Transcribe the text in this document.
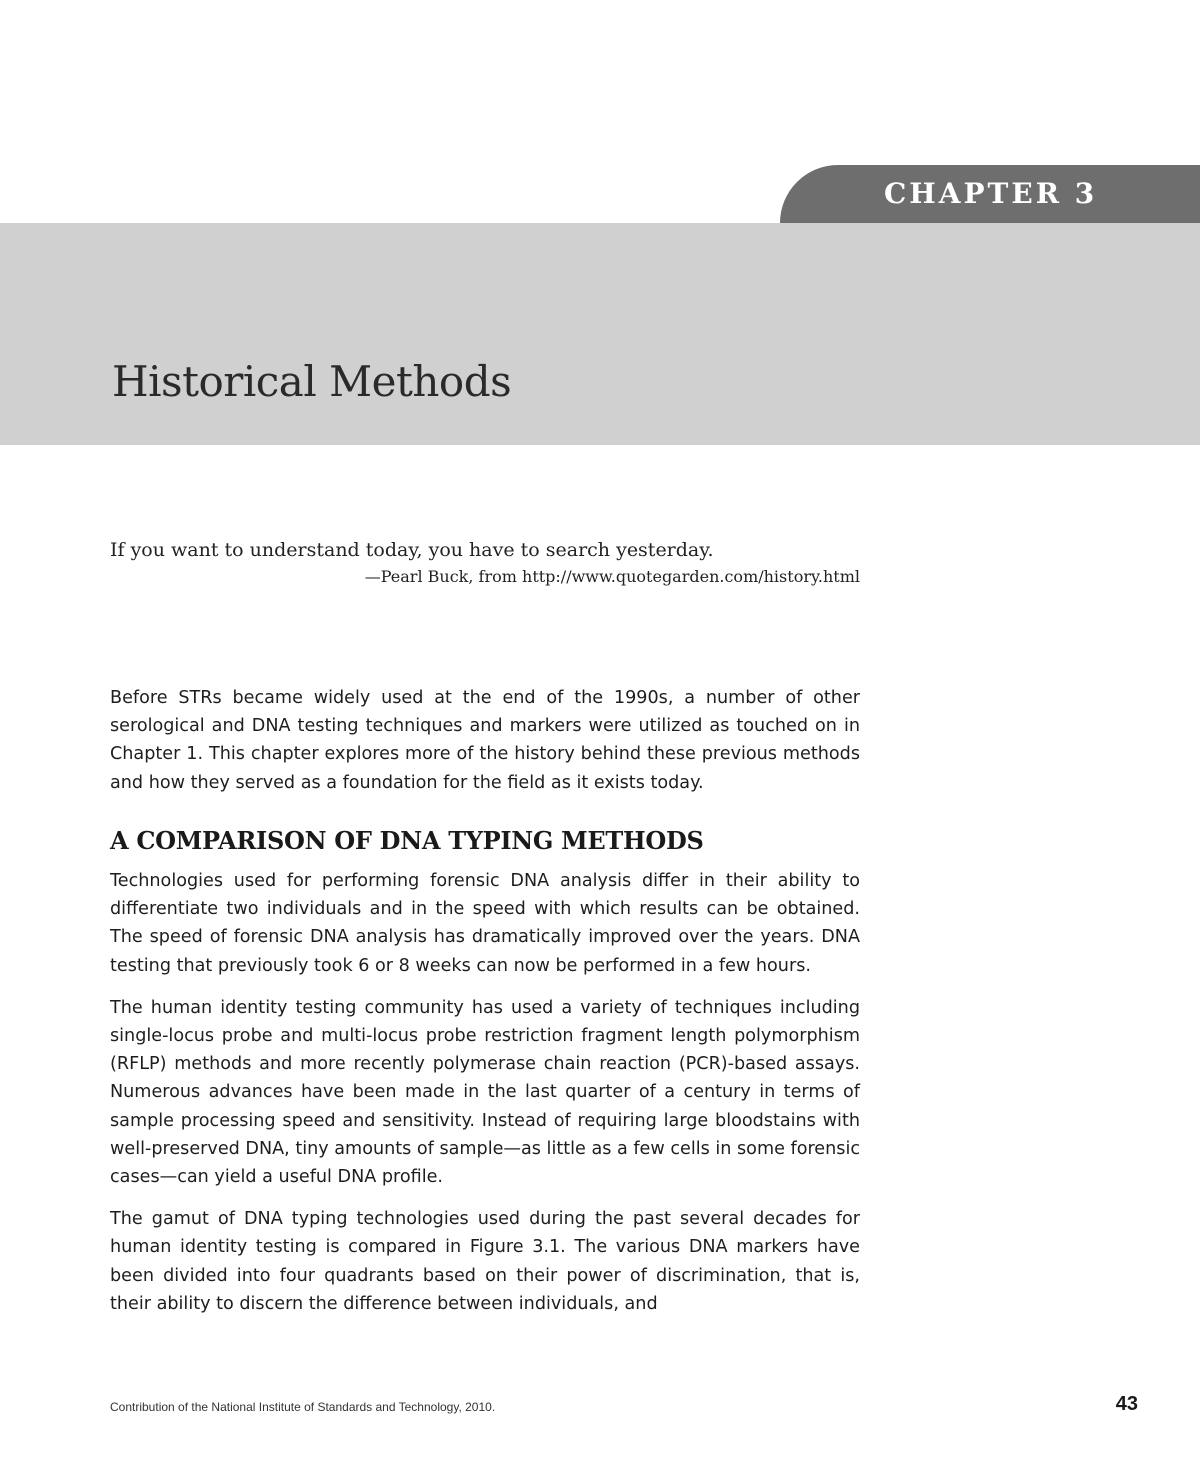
CHAPTER 3
Historical Methods
If you want to understand today, you have to search yesterday.
—Pearl Buck, from http://www.quotegarden.com/history.html

Before STRs became widely used at the end of the 1990s, a number of other serological and DNA testing techniques and markers were utilized as touched on in Chapter 1. This chapter explores more of the history behind these previous methods and how they served as a foundation for the field as it exists today.

A COMPARISON OF DNA TYPING METHODS

Technologies used for performing forensic DNA analysis differ in their ability to differentiate two individuals and in the speed with which results can be obtained. The speed of forensic DNA analysis has dramatically improved over the years. DNA testing that previously took 6 or 8 weeks can now be performed in a few hours.

The human identity testing community has used a variety of techniques including single-locus probe and multi-locus probe restriction fragment length polymorphism (RFLP) methods and more recently polymerase chain reaction (PCR)-based assays. Numerous advances have been made in the last quarter of a century in terms of sample processing speed and sensitivity. Instead of requiring large bloodstains with well-preserved DNA, tiny amounts of sample—as little as a few cells in some forensic cases—can yield a useful DNA profile.

The gamut of DNA typing technologies used during the past several decades for human identity testing is compared in Figure 3.1. The various DNA markers have been divided into four quadrants based on their power of discrimination, that is, their ability to discern the difference between individuals, and

Contribution of the National Institute of Standards and Technology, 2010.	43
